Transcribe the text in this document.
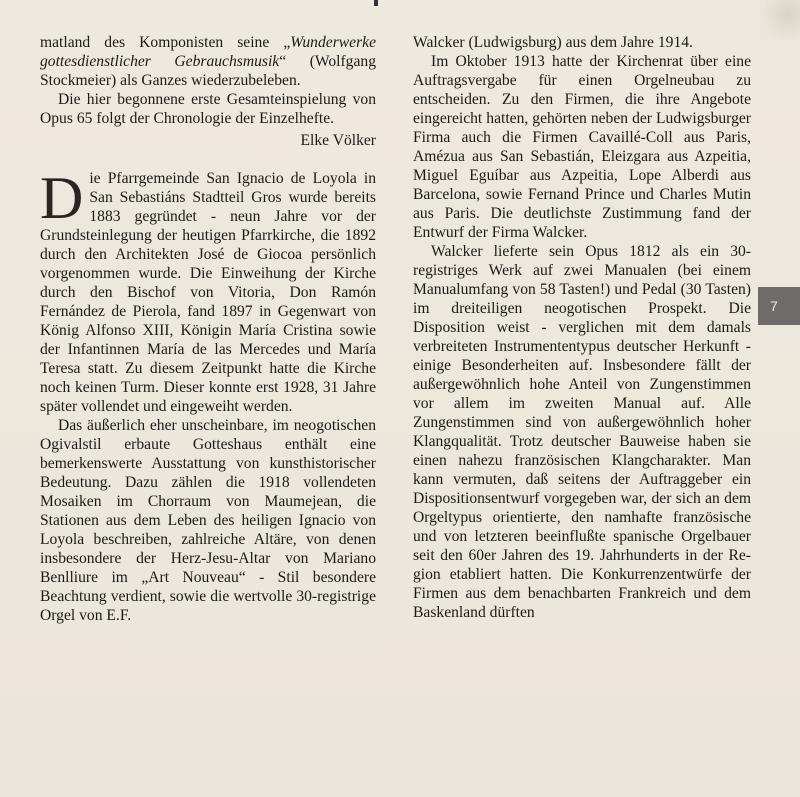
matland des Komponisten seine „Wunderwerke gottesdienstlicher Gebrauchsmusik“ (Wolfgang Stockmeier) als Ganzes wiederzubeleben.

Die hier begonnene erste Gesamteinspielung von Opus 65 folgt der Chronologie der Einzelhefte.

Elke Völker

Die Pfarrgemeinde San Ignacio de Loyola in San Sebastiáns Stadtteil Gros wurde bereits 1883 gegründet - neun Jahre vor der Grundsteinlegung der heutigen Pfarrkirche, die 1892 durch den Architekten José de Giocoa persönlich vorgenommen wurde. Die Einweihung der Kirche durch den Bischof von Vitoria, Don Ramón Fernández de Pierola, fand 1897 in Gegenwart von König Alfonso XIII, Königin María Cristina sowie der Infantinnen María de las Mercedes und María Teresa statt. Zu diesem Zeitpunkt hatte die Kirche noch keinen Turm. Dieser konnte erst 1928, 31 Jahre später vollendet und eingeweiht werden.

Das äußerlich eher unscheinbare, im neogotischen Ogivalstil erbaute Gotteshaus enthält eine bemerkenswerte Ausstattung von kunsthistorischer Bedeutung. Dazu zählen die 1918 vollendeten Mosaiken im Chorraum von Maumejean, die Stationen aus dem Leben des heiligen Ignacio von Loyola beschreiben, zahlreiche Altäre, von denen insbesondere der Herz-Jesu-Altar von Mariano Benlliure im „Art Nouveau“ - Stil besondere Beachtung verdient, sowie die wertvolle 30-registrige Orgel von E.F.

Walcker (Ludwigsburg) aus dem Jahre 1914.

Im Oktober 1913 hatte der Kirchenrat über eine Auftragsvergabe für einen Orgelneubau zu entscheiden. Zu den Firmen, die ihre Angebote eingereicht hatten, gehörten neben der Ludwigsburger Firma auch die Firmen Cavaillé-Coll aus Paris, Amézua aus San Sebastián, Eleizgara aus Azpeitia, Miguel Eguíbar aus Azpeitia, Lope Alberdi aus Barcelona, sowie Fernand Prince und Charles Mutin aus Paris. Die deutlichste Zustimmung fand der Entwurf der Firma Walcker.

Walcker lieferte sein Opus 1812 als ein 30-registriges Werk auf zwei Manualen (bei einem Manualumfang von 58 Tasten!) und Pedal (30 Tasten) im dreiteiligen neogotischen Prospekt. Die Disposition weist - verglichen mit dem damals verbreiteten Instrumententypus deutscher Herkunft - einige Besonderheiten auf. Insbesondere fällt der außergewöhnlich hohe Anteil von Zungenstimmen vor allem im zweiten Manual auf. Alle Zungenstimmen sind von außergewöhnlich hoher Klangqualität. Trotz deutscher Bauweise haben sie einen nahezu französischen Klangcharakter. Man kann vermuten, daß seitens der Auftraggeber ein Dispositionsentwurf vorgegeben war, der sich an dem Orgeltypus orientierte, den namhafte französische und von letzteren beeinflußte spanische Orgelbauer seit den 60er Jahren des 19. Jahrhunderts in der Region etabliert hatten. Die Konkurrenzentwürfe der Firmen aus dem benachbarten Frankreich und dem Baskenland dürften

7
